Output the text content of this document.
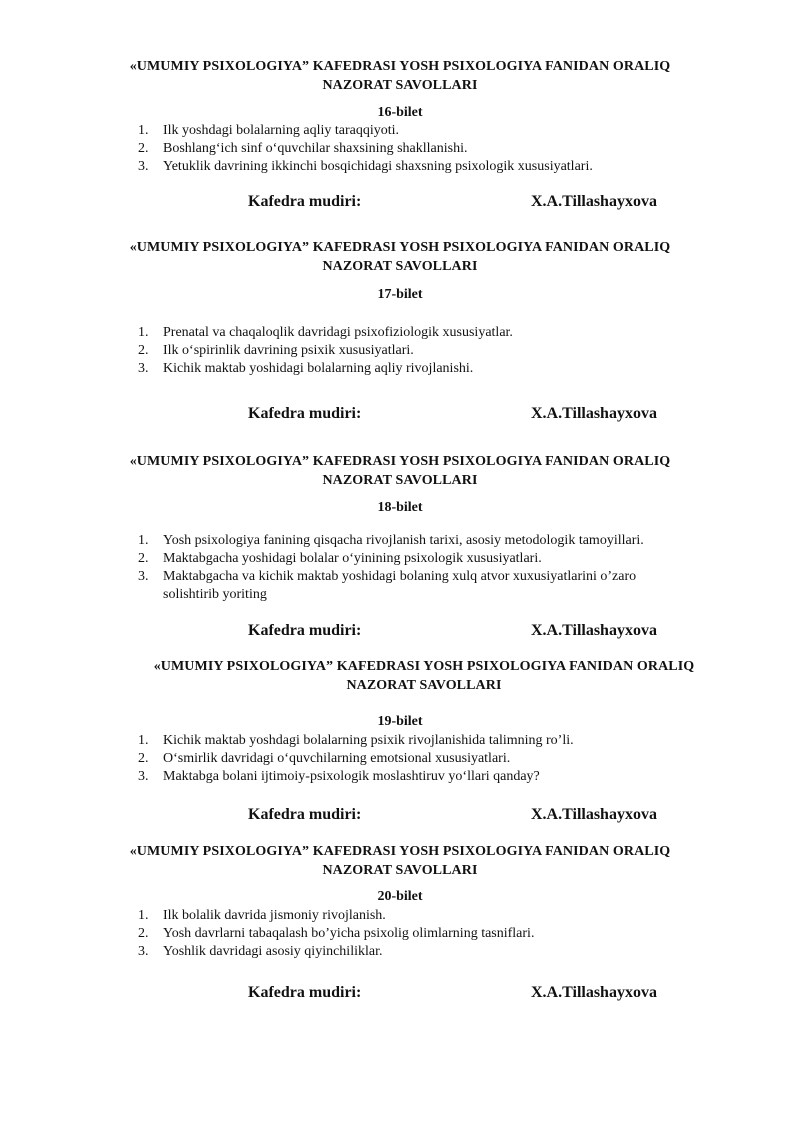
«UMUMIY PSIXOLOGIYA” KAFEDRASI YOSH PSIXOLOGIYA FANIDAN ORALIQ
NAZORAT SAVOLLARI
16-bilet
1. Ilk yoshdagi bolalarning aqliy taraqqiyoti.
2. Boshlang‘ich sinf o‘quvchilar shaxsining shakllanishi.
3. Yetuklik davrining ikkinchi bosqichidagi shaxsning psixologik xususiyatlari.
Kafedra mudiri:	X.A.Tillashayxova
«UMUMIY PSIXOLOGIYA” KAFEDRASI YOSH PSIXOLOGIYA FANIDAN ORALIQ
NAZORAT SAVOLLARI
17-bilet
1. Prenatal va chaqaloqlik davridagi psixofiziologik xususiyatlar.
2. Ilk o‘spirinlik davrining psixik xususiyatlari.
3. Kichik maktab yoshidagi bolalarning aqliy rivojlanishi.
Kafedra mudiri:	X.A.Tillashayxova
«UMUMIY PSIXOLOGIYA” KAFEDRASI YOSH PSIXOLOGIYA FANIDAN ORALIQ
NAZORAT SAVOLLARI
18-bilet
1. Yosh psixologiya fanining qisqacha rivojlanish tarixi, asosiy metodologik tamoyillari.
2. Maktabgacha yoshidagi bolalar o‘yinining psixologik xususiyatlari.
3. Maktabgacha va kichik maktab yoshidagi bolaning xulq atvor xuxusiyatlarini o’zaro solishtirib yoriting
Kafedra mudiri:	X.A.Tillashayxova
«UMUMIY PSIXOLOGIYA” KAFEDRASI YOSH PSIXOLOGIYA FANIDAN ORALIQ
NAZORAT SAVOLLARI
19-bilet
1. Kichik maktab yoshdagi bolalarning psixik rivojlanishida talimning ro’li.
2. O‘smirlik davridagi o‘quvchilarning emotsional xususiyatlari.
3. Maktabga bolani ijtimoiy-psixologik moslashtiruv yo‘llari qanday?
Kafedra mudiri:	X.A.Tillashayxova
«UMUMIY PSIXOLOGIYA” KAFEDRASI YOSH PSIXOLOGIYA FANIDAN ORALIQ
NAZORAT SAVOLLARI
20-bilet
1. Ilk bolalik davrida jismoniy rivojlanish.
2. Yosh davrlarni tabaqalash bo’yicha psixolig olimlarning tasniflari.
3. Yoshlik davridagi asosiy qiyinchiliklar.
Kafedra mudiri:	X.A.Tillashayxova
